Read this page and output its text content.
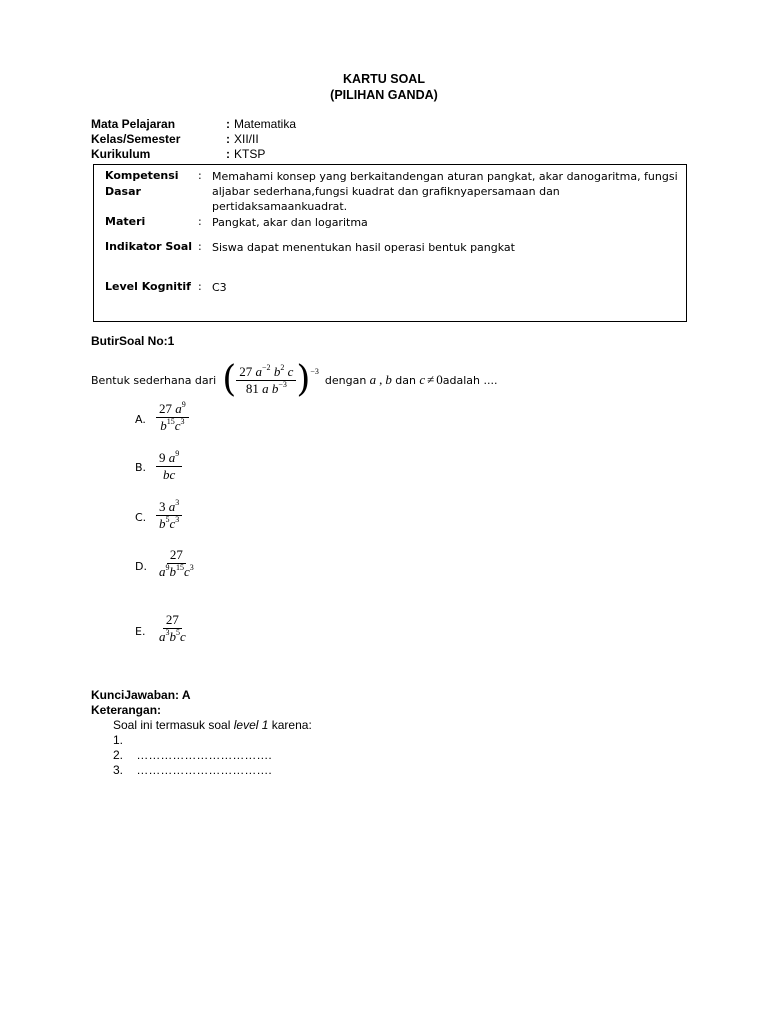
KARTU SOAL
(PILIHAN GANDA)
Mata Pelajaran	: Matematika
Kelas/Semester	: XII/II
Kurikulum	: KTSP
Kompetensi Dasar
: Memahami konsep yang berkaitandengan aturan pangkat, akar danogaritma, fungsi aljabar sederhana,fungsi kuadrat dan grafiknyapersamaan dan pertidaksamaankuadrat.
Materi	: Pangkat, akar dan logaritma
Indikator Soal : Siswa dapat menentukan hasil operasi bentuk pangkat
Level Kognitif : C3
ButirSoal No:1
Bentuk sederhana dari ( $\frac{27 a^{-2} b^2 c}{81 a b^{-3}}$ ) −3
dengan
a , b
dan
c ≠ 0 adalah ....
A. $\frac{27 a^9}{b^{15}c^3}$
B. $\frac{9 a^9}{bc}$
C. $\frac{3 a^3}{b^5c^3}$
D. $\frac{27}{a^9b^{15}c^3}$
E. $\frac{27}{a^3b^5c}$
KunciJawaban: A
Keterangan:
Soal ini termasuk soal level 1 karena:
1.
2. …………………………….
3. …………………………….
